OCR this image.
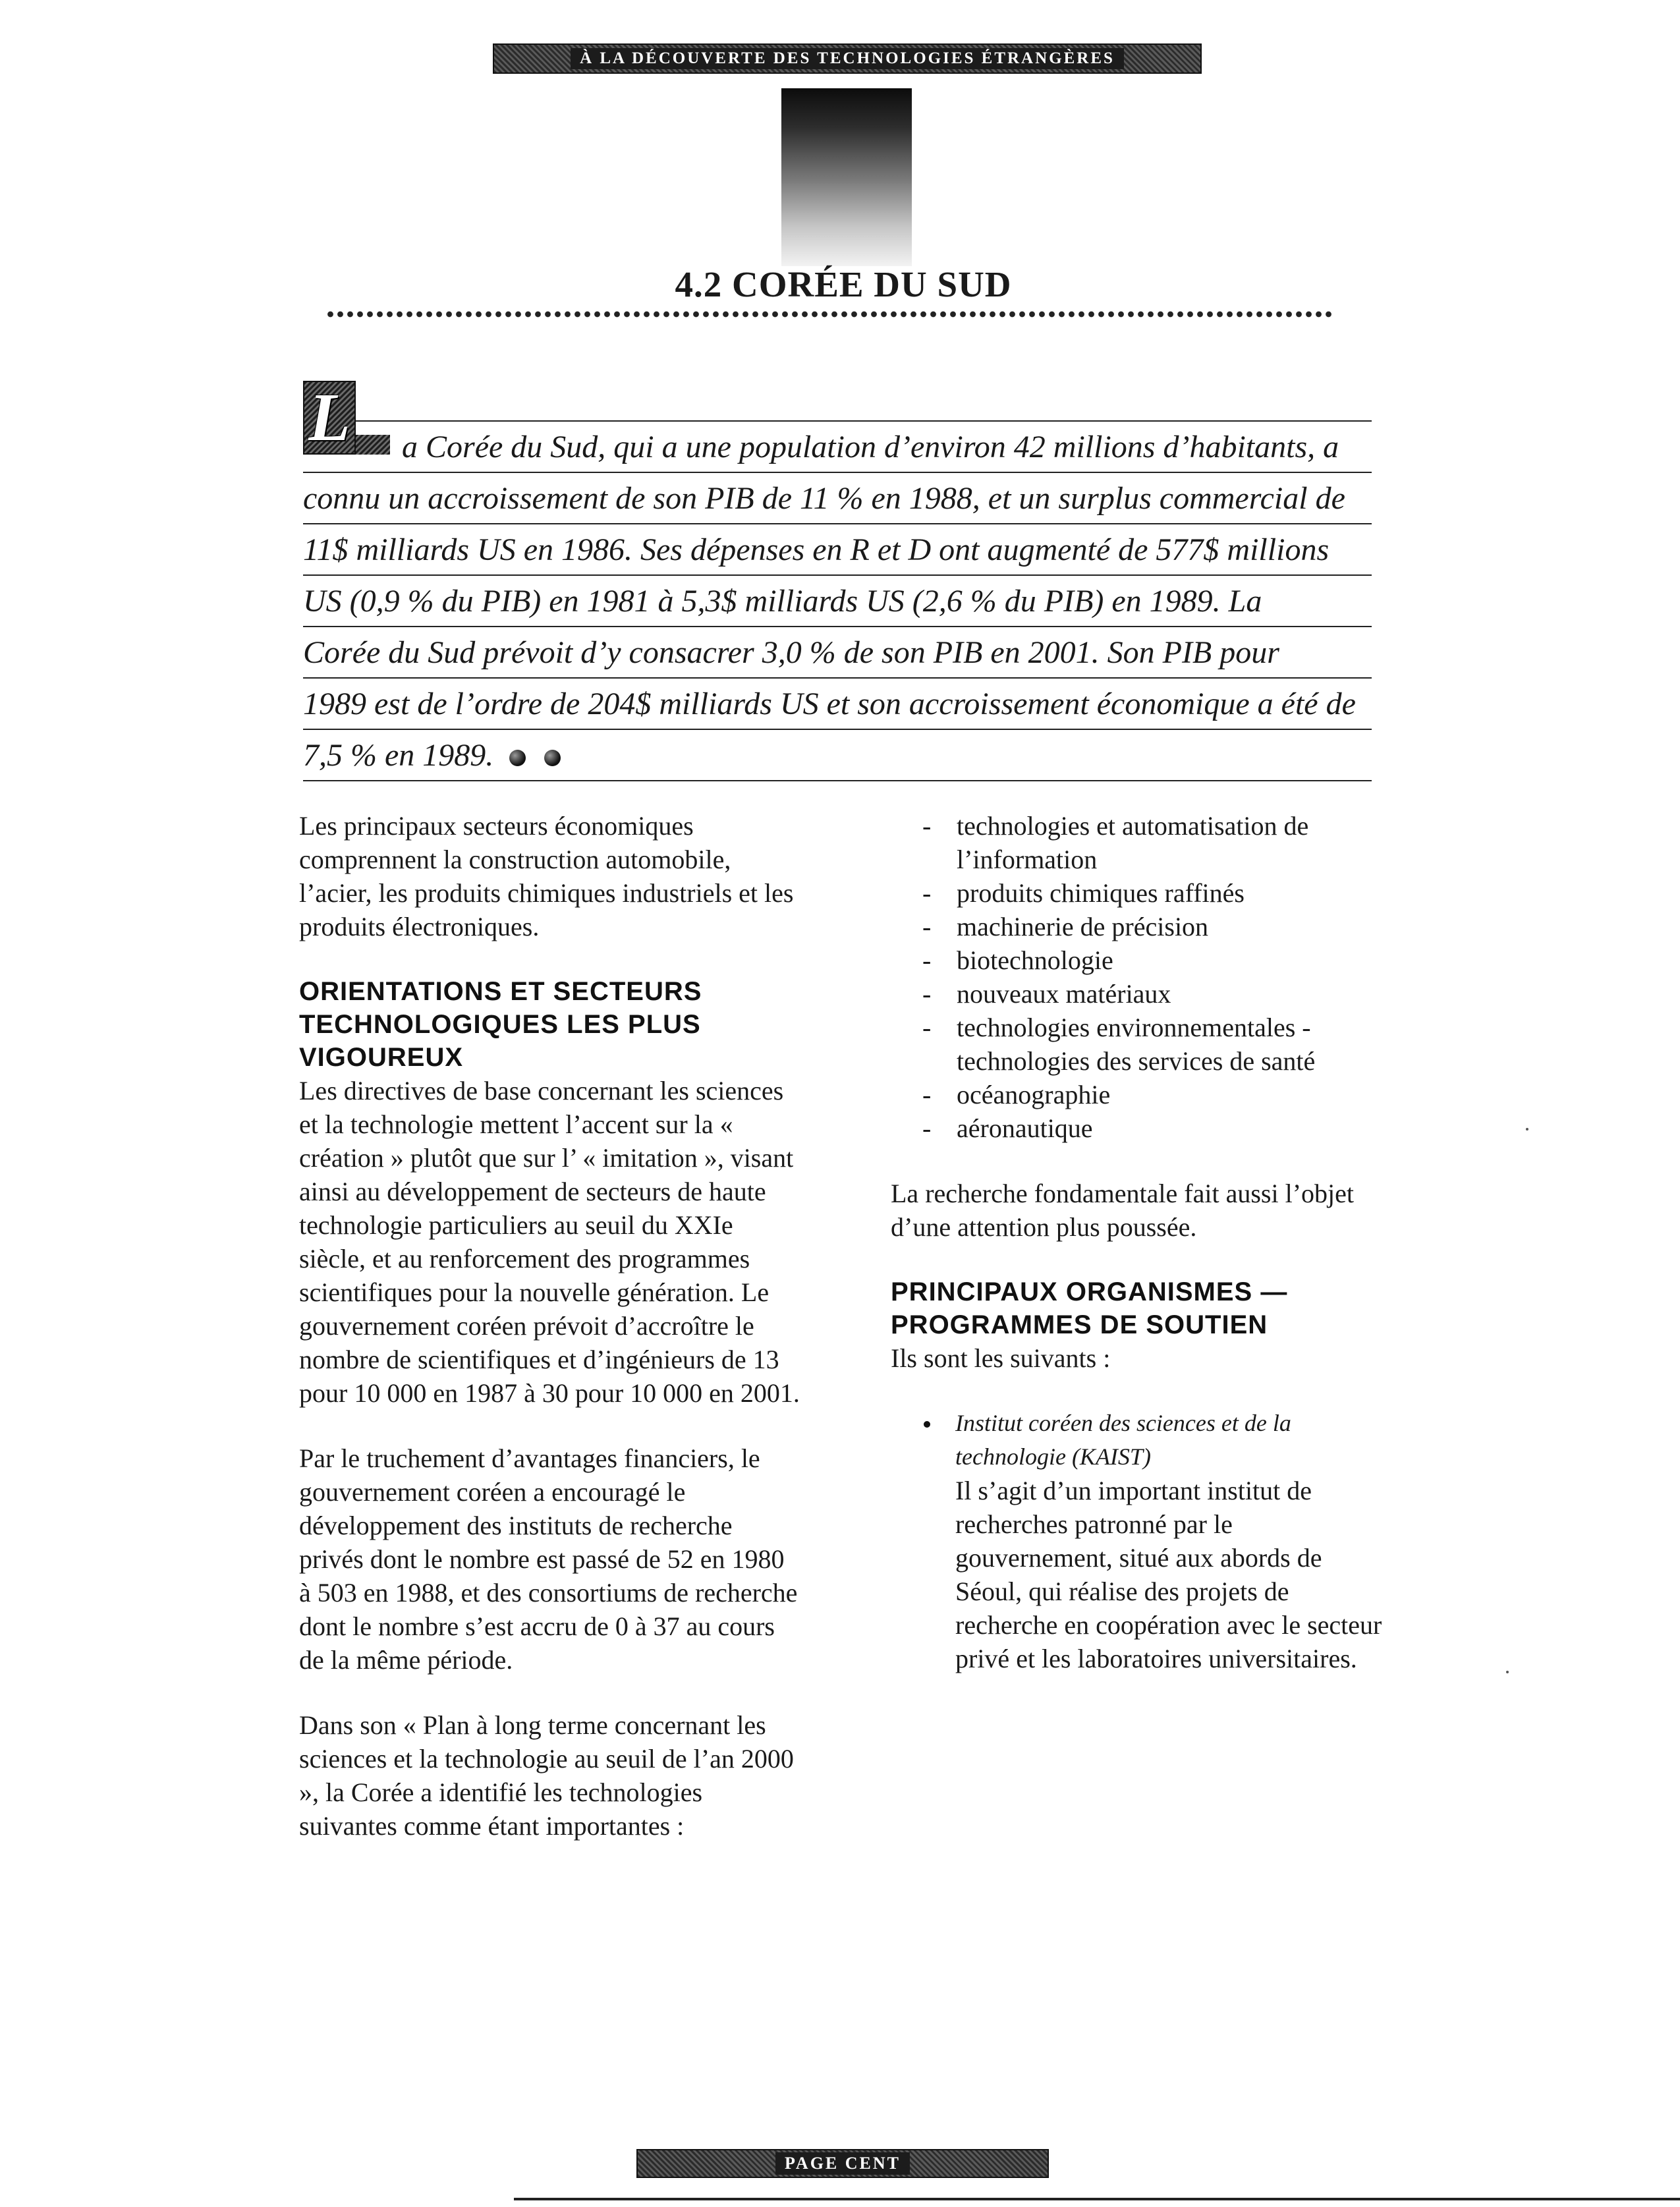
À LA DÉCOUVERTE DES TECHNOLOGIES ÉTRANGÈRES
4.2 CORÉE DU SUD
L	a Corée du Sud, qui a une population d’environ 42 millions d’habitants, a
connu un accroissement de son PIB de 11 % en 1988, et un surplus commercial de
11$ milliards US en 1986. Ses dépenses en R et D ont augmenté de 577$ millions
US (0,9 % du PIB) en 1981 à 5,3$ milliards US (2,6 % du PIB) en 1989. La
Corée du Sud prévoit d’y consacrer 3,0 % de son PIB en 2001. Son PIB pour
1989 est de l’ordre de 204$ milliards US et son accroissement économique a été de
7,5 % en 1989.

Les principaux secteurs économiques comprennent la construction automobile, l’acier, les produits chimiques industriels et les produits électroniques.

ORIENTATIONS ET SECTEURS TECHNOLOGIQUES LES PLUS VIGOUREUX

Les directives de base concernant les sciences et la technologie mettent l’accent sur la « création » plutôt que sur l’ « imitation », visant ainsi au développement de secteurs de haute technologie particuliers au seuil du XXIe siècle, et au renforcement des programmes scientifiques pour la nouvelle génération. Le gouvernement coréen prévoit d’accroître le nombre de scientifiques et d’ingénieurs de 13 pour 10 000 en 1987 à 30 pour 10 000 en 2001.

Par le truchement d’avantages financiers, le gouvernement coréen a encouragé le développement des instituts de recherche privés dont le nombre est passé de 52 en 1980 à 503 en 1988, et des consortiums de recherche dont le nombre s’est accru de 0 à 37 au cours de la même période.

Dans son « Plan à long terme concernant les sciences et la technologie au seuil de l’an 2000 », la Corée a identifié les technologies suivantes comme étant importantes :

- technologies et automatisation de l’information
- produits chimiques raffinés
- machinerie de précision
- biotechnologie
- nouveaux matériaux
- technologies environnementales - technologies des services de santé
- océanographie
- aéronautique

La recherche fondamentale fait aussi l’objet d’une attention plus poussée.

PRINCIPAUX ORGANISMES — PROGRAMMES DE SOUTIEN

Ils sont les suivants :

Institut coréen des sciences et de la technologie (KAIST)

Il s’agit d’un important institut de recherches patronné par le gouvernement, situé aux abords de Séoul, qui réalise des projets de recherche en coopération avec le secteur privé et les laboratoires universitaires.

PAGE CENT
